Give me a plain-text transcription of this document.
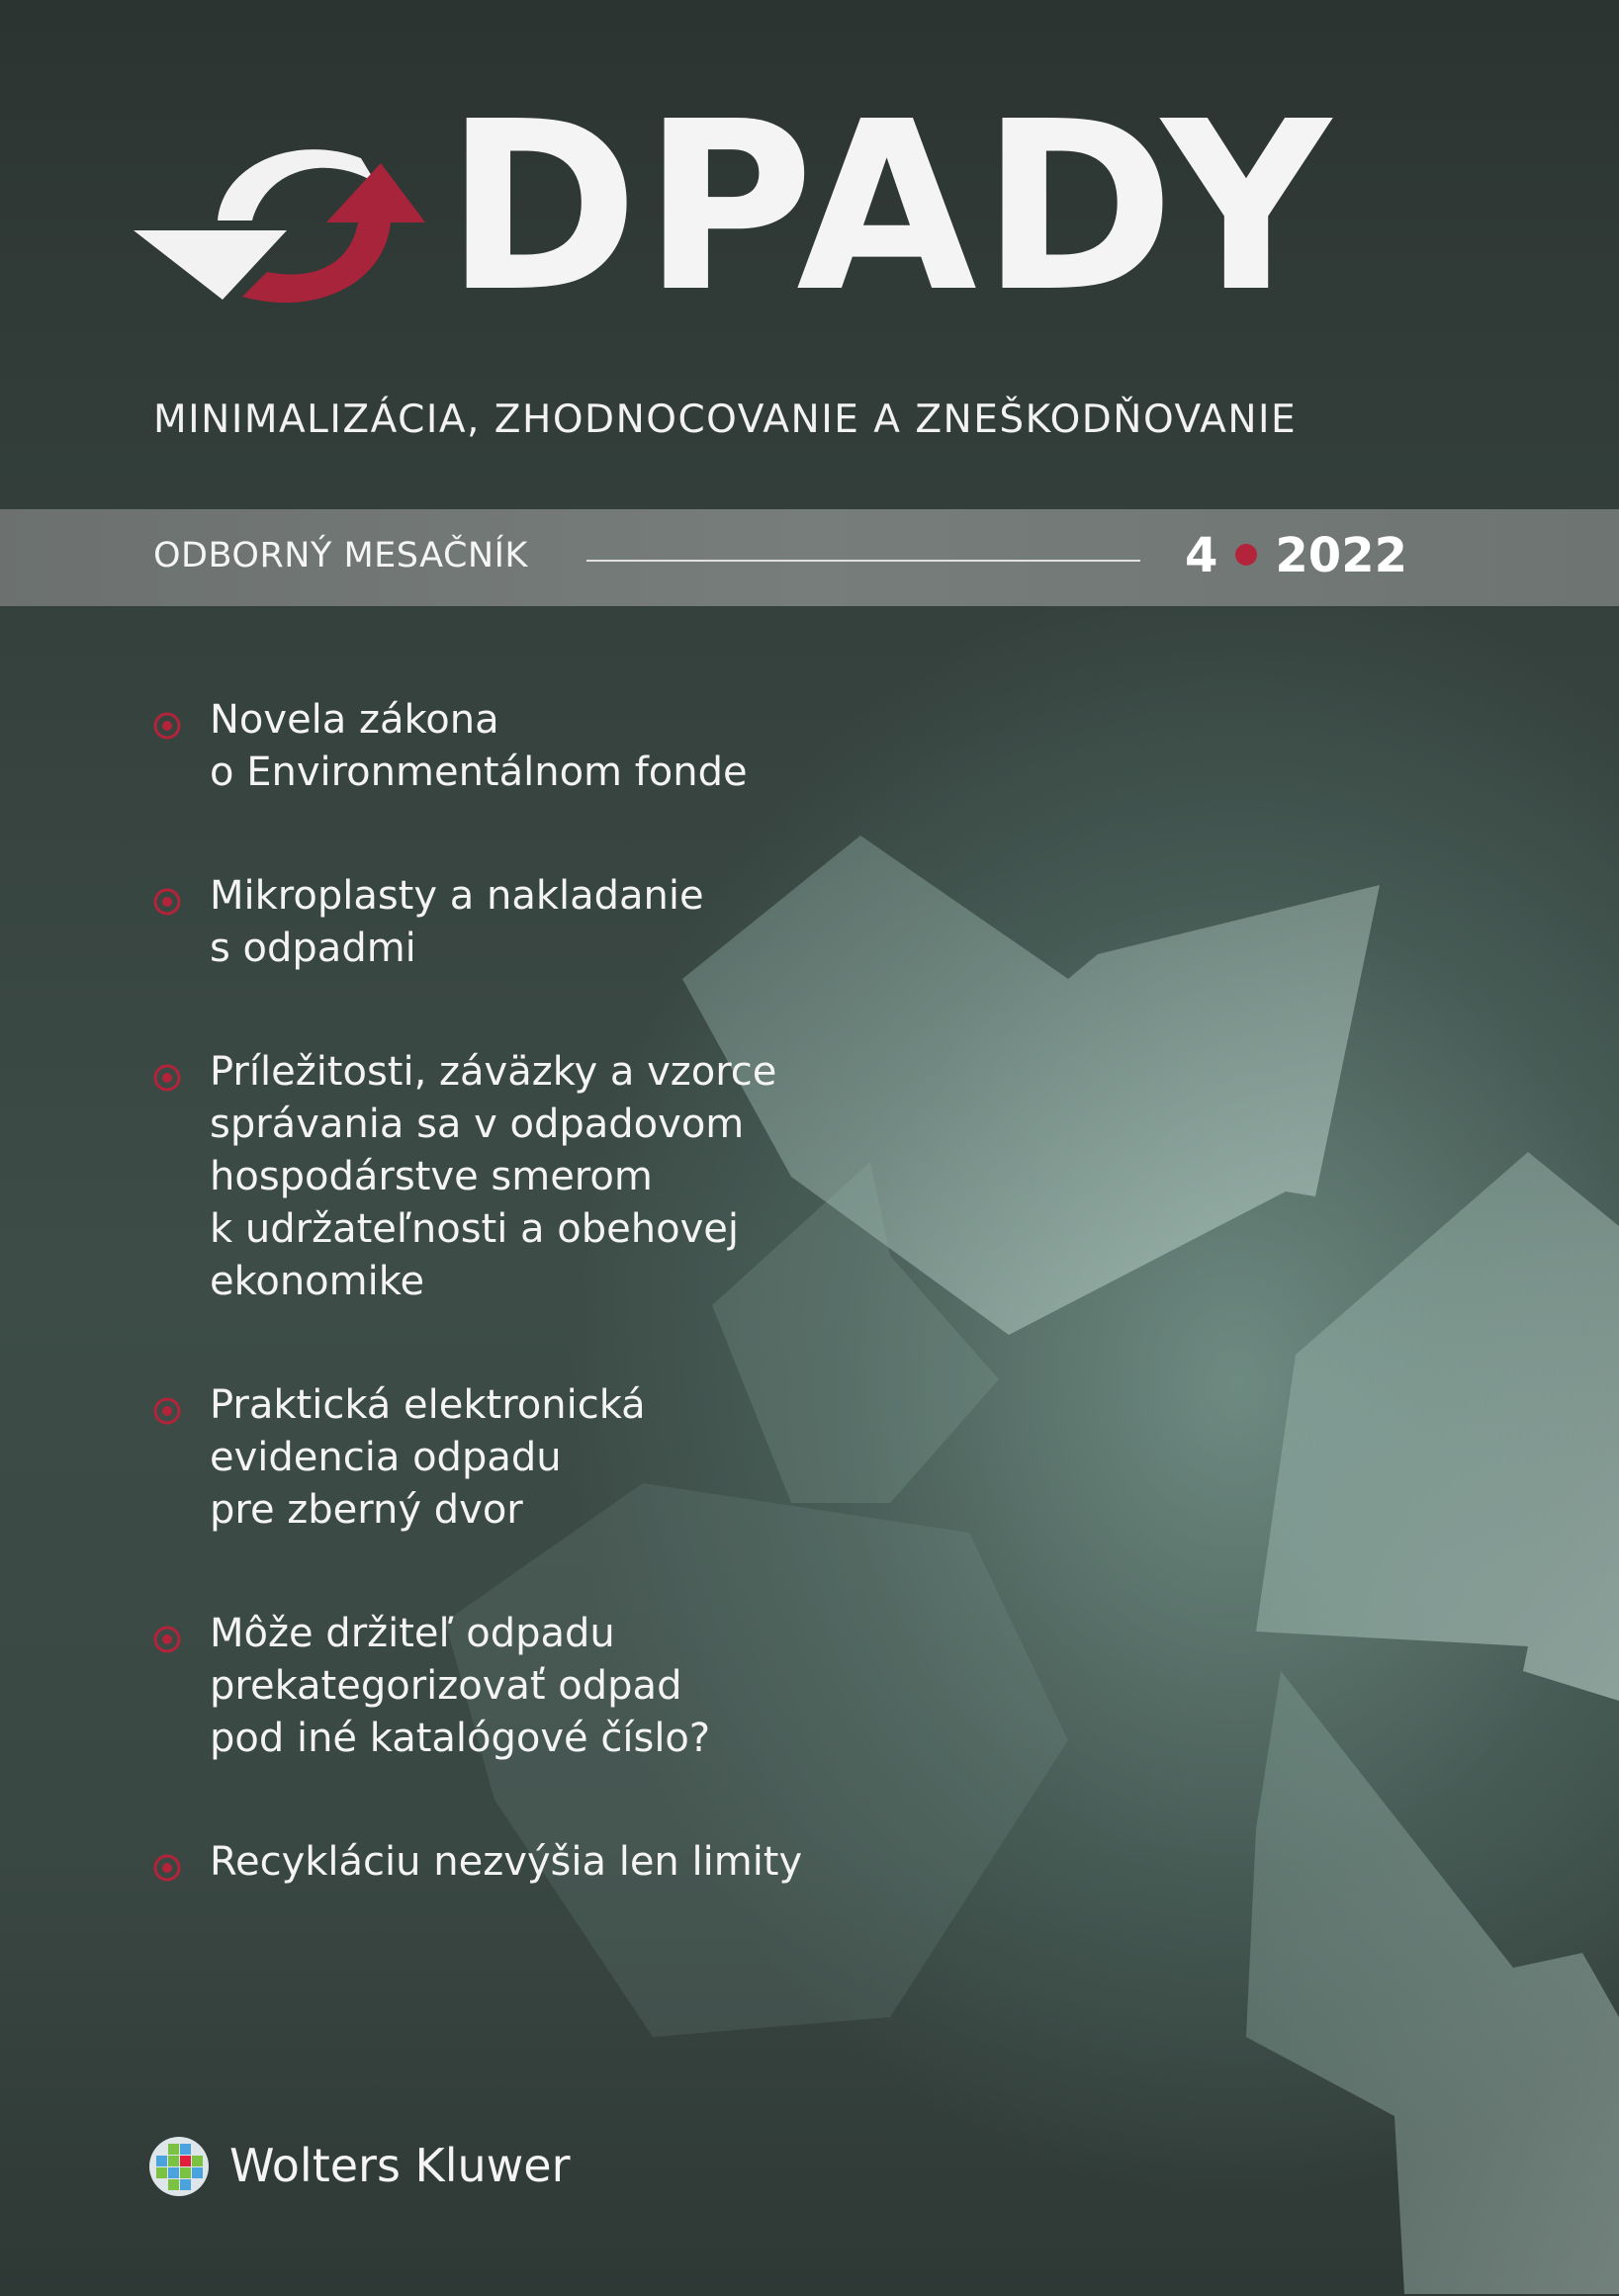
DPADY
MINIMALIZÁCIA, ZHODNOCOVANIE A ZNEŠKODŇOVANIE
ODBORNÝ MESAČNÍK	4 2022
Novela zákona
o Environmentálnom fonde
Mikroplasty a nakladanie
s odpadmi
Príležitosti, záväzky a vzorce
správania sa v odpadovom
hospodárstve smerom
k udržateľnosti a obehovej
ekonomike
Praktická elektronická
evidencia odpadu
pre zberný dvor
Môže držiteľ odpadu
prekategorizovať odpad
pod iné katalógové číslo?
Recykláciu nezvýšia len limity
Wolters Kluwer
